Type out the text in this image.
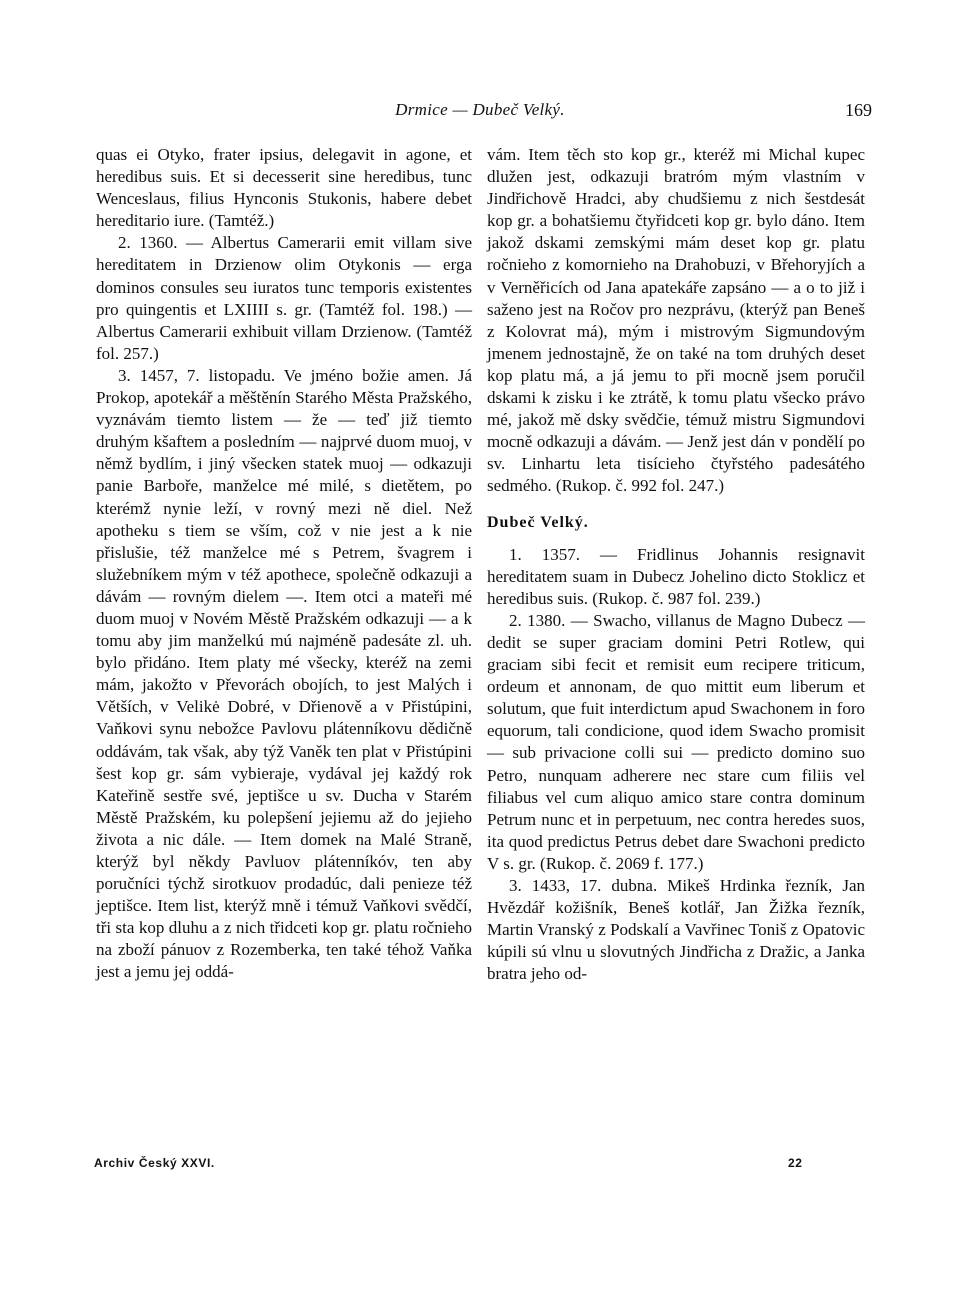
Drmice — Dubeč Velký.	169

quas ei Otyko, frater ipsius, delegavit in agone, et heredibus suis. Et si decesserit sine heredibus, tunc Wenceslaus, filius Hynconis Stukonis, habere debet hereditario iure. (Tamtéž.)

2. 1360. — Albertus Camerarii emit villam sive hereditatem in Drzienow olim Otykonis — erga dominos consules seu iuratos tunc temporis existentes pro quingentis et LXIIII s. gr. (Tamtéž fol. 198.) — Albertus Camerarii exhibuit villam Drzienow. (Tamtéž fol. 257.)

3. 1457, 7. listopadu. Ve jméno božie amen. Já Prokop, apotekář a měštěnín Starého Města Pražského, vyznávám tiemto listem — že — teď již tiemto druhým kšaftem a posledním — najprvé duom muoj, v němž bydlím, i jiný všecken statek muoj — odkazuji panie Barboře, manželce mé milé, s dietětem, po kterémž nynie leží, v rovný mezi ně diel. Než apotheku s tiem se vším, což v nie jest a k nie přislušie, též manželce mé s Petrem, švagrem i služebníkem mým v též apothece, společně odkazuji a dávám — rovným dielem —. Item otci a mateři mé duom muoj v Novém Městě Pražském odkazuji — a k tomu aby jim manželkú mú najméně padesáte zl. uh. bylo přidáno. Item platy mé všecky, kteréž na zemi mám, jakožto v Převorách obojích, to jest Malých i Větších, v Velikė Dobré, v Dřienově a v Přistúpini, Vaňkovi synu nebožce Pavlovu plátenníkovu dědičně oddávám, tak však, aby týž Vaněk ten plat v Přistúpini šest kop gr. sám vybieraje, vydával jej každý rok Kateřině sestře své, jeptišce u sv. Ducha v Starém Městě Pražském, ku polepšení jejiemu až do jejieho života a nic dále. — Item domek na Malé Straně, kterýž byl někdy Pavluov plátenníkóv, ten aby poručníci týchž sirotkuov prodadúc, dali penieze též jeptišce. Item list, kterýž mně i témuž Vaňkovi svědčí, tři sta kop dluhu a z nich třidceti kop gr. platu ročnieho na zboží pánuov z Rozemberka, ten také téhož Vaňka jest a jemu jej oddá-

vám. Item těch sto kop gr., kteréž mi Michal kupec dlužen jest, odkazuji bratróm mým vlastním v Jindřichově Hradci, aby chudšiemu z nich šestdesát kop gr. a bohatšiemu čtyřidceti kop gr. bylo dáno. Item jakož dskami zemskými mám deset kop gr. platu ročnieho z komornieho na Drahobuzi, v Břehoryjích a v Verněřicích od Jana apatekáře zapsáno — a o to již i saženo jest na Ročov pro nezprávu, (kterýž pan Beneš z Kolovrat má), mým i mistrovým Sigmundovým jmenem jednostajně, že on také na tom druhých deset kop platu má, a já jemu to při mocně jsem poručil dskami k zisku i ke ztrátě, k tomu platu všecko právo mé, jakož mě dsky svědčie, témuž mistru Sigmundovi mocně odkazuji a dávám. — Jenž jest dán v pondělí po sv. Linhartu leta tisícieho čtyřstého padesátého sedmého. (Rukop. č. 992 fol. 247.)

Dubeč Velký.

1. 1357. — Fridlinus Johannis resignavit hereditatem suam in Dubecz Johelino dicto Stoklicz et heredibus suis. (Rukop. č. 987 fol. 239.)

2. 1380. — Swacho, villanus de Magno Dubecz — dedit se super graciam domini Petri Rotlew, qui graciam sibi fecit et remisit eum recipere triticum, ordeum et annonam, de quo mittit eum liberum et solutum, que fuit interdictum apud Swachonem in foro equorum, tali condicione, quod idem Swacho promisit — sub privacione colli sui — predicto domino suo Petro, nunquam adherere nec stare cum filiis vel filiabus vel cum aliquo amico stare contra dominum Petrum nunc et in perpetuum, nec contra heredes suos, ita quod predictus Petrus debet dare Swachoni predicto V s. gr. (Rukop. č. 2069 f. 177.)

3. 1433, 17. dubna. Mikeš Hrdinka řezník, Jan Hvězdář kožišník, Beneš kotlář, Jan Žižka řezník, Martin Vranský z Podskalí a Vavřinec Toniš z Opatovic kúpili sú vlnu u slovutných Jindřicha z Dražic, a Janka bratra jeho od-

Archiv Český XXVI.	22
